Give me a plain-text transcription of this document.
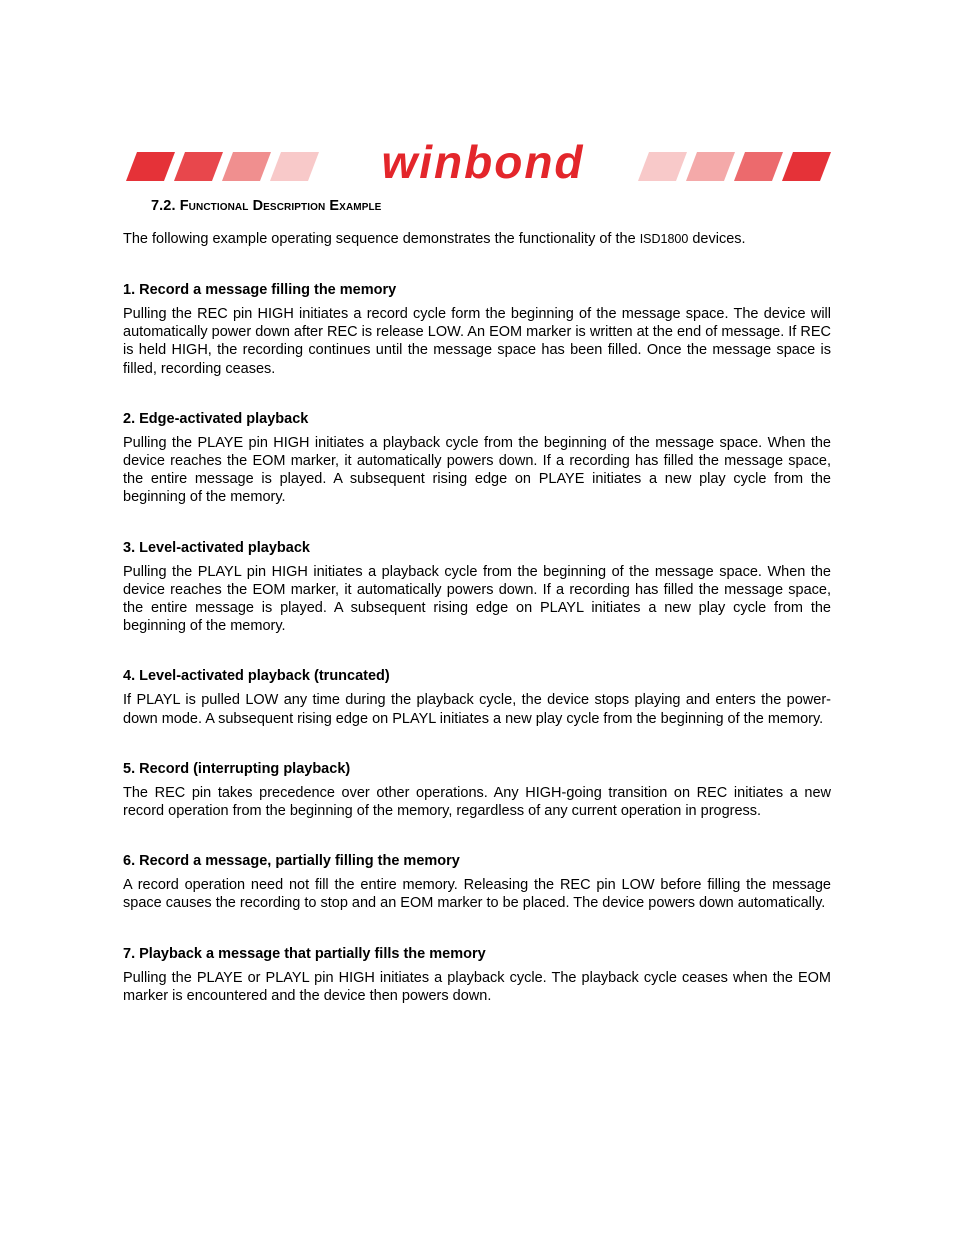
winbond
7.2. Functional Description Example
The following example operating sequence demonstrates the functionality of the ISD1800 devices.
1. Record a message filling the memory

Pulling the REC pin HIGH initiates a record cycle form the beginning of the message space. The device will automatically power down after REC is release LOW. An EOM marker is written at the end of message. If REC is held HIGH, the recording continues until the message space has been filled. Once the message space is filled, recording ceases.

2. Edge-activated playback

Pulling the PLAYE pin HIGH initiates a playback cycle from the beginning of the message space. When the device reaches the EOM marker, it automatically powers down. If a recording has filled the message space, the entire message is played. A subsequent rising edge on PLAYE initiates a new play cycle from the beginning of the memory.

3. Level-activated playback

Pulling the PLAYL pin HIGH initiates a playback cycle from the beginning of the message space. When the device reaches the EOM marker, it automatically powers down. If a recording has filled the message space, the entire message is played. A subsequent rising edge on PLAYL initiates a new play cycle from the beginning of the memory.

4. Level-activated playback (truncated)

If PLAYL is pulled LOW any time during the playback cycle, the device stops playing and enters the power-down mode. A subsequent rising edge on PLAYL initiates a new play cycle from the beginning of the memory.

5. Record (interrupting playback)

The REC pin takes precedence over other operations. Any HIGH-going transition on REC initiates a new record operation from the beginning of the memory, regardless of any current operation in progress.

6. Record a message, partially filling the memory

A record operation need not fill the entire memory. Releasing the REC pin LOW before filling the message space causes the recording to stop and an EOM marker to be placed. The device powers down automatically.

7. Playback a message that partially fills the memory

Pulling the PLAYE or PLAYL pin HIGH initiates a playback cycle. The playback cycle ceases when the EOM marker is encountered and the device then powers down.
